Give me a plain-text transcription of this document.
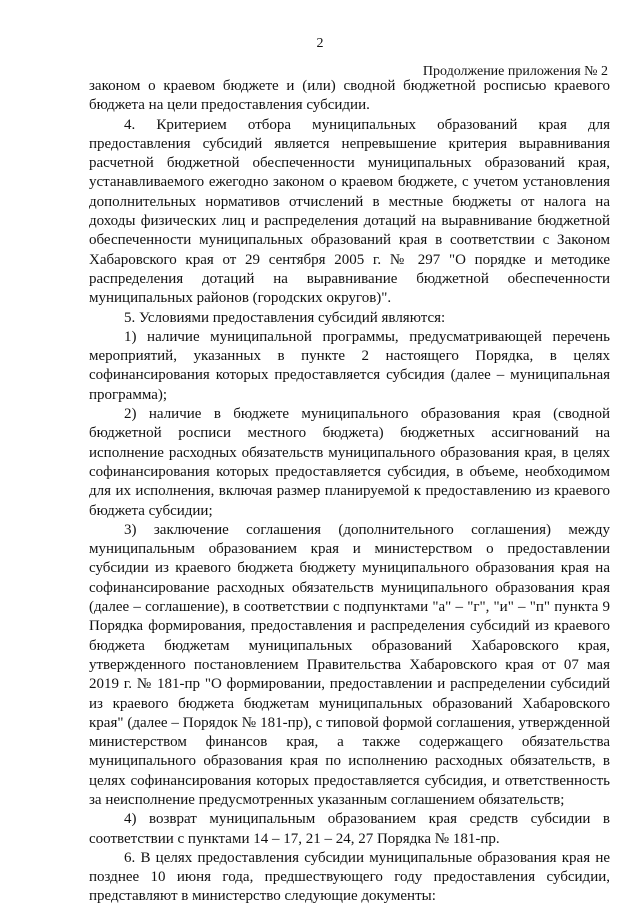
2
Продолжение приложения № 2

законом о краевом бюджете и (или) сводной бюджетной росписью краевого бюджета на цели предоставления субсидии.

4. Критерием отбора муниципальных образований края для предоставления субсидий является непревышение критерия выравнивания расчетной бюджетной обеспеченности муниципальных образований края, устанавливаемого ежегодно законом о краевом бюджете, с учетом установления дополнительных нормативов отчислений в местные бюджеты от налога на доходы физических лиц и распределения дотаций на выравнивание бюджетной обеспеченности муниципальных образований края в соответствии с Законом Хабаровского края от 29 сентября 2005 г. № 297 "О порядке и методике распределения дотаций на выравнивание бюджетной обеспеченности муниципальных районов (городских округов)".

5. Условиями предоставления субсидий являются:

1) наличие муниципальной программы, предусматривающей перечень мероприятий, указанных в пункте 2 настоящего Порядка, в целях софинансирования которых предоставляется субсидия (далее – муниципальная программа);

2) наличие в бюджете муниципального образования края (сводной бюджетной росписи местного бюджета) бюджетных ассигнований на исполнение расходных обязательств муниципального образования края, в целях софинансирования которых предоставляется субсидия, в объеме, необходимом для их исполнения, включая размер планируемой к предоставлению из краевого бюджета субсидии;

3) заключение соглашения (дополнительного соглашения) между муниципальным образованием края и министерством о предоставлении субсидии из краевого бюджета бюджету муниципального образования края на софинансирование расходных обязательств муниципального образования края (далее – соглашение), в соответствии с подпунктами "а" – "г", "и" – "п" пункта 9 Порядка формирования, предоставления и распределения субсидий из краевого бюджета бюджетам муниципальных образований Хабаровского края, утвержденного постановлением Правительства Хабаровского края от 07 мая 2019 г. № 181-пр "О формировании, предоставлении и распределении субсидий из краевого бюджета бюджетам муниципальных образований Хабаровского края" (далее – Порядок № 181-пр), с типовой формой соглашения, утвержденной министерством финансов края, а также содержащего обязательства муниципального образования края по исполнению расходных обязательств, в целях софинансирования которых предоставляется субсидия, и ответственность за неисполнение предусмотренных указанным соглашением обязательств;

4) возврат муниципальным образованием края средств субсидии в соответствии с пунктами 14 – 17, 21 – 24, 27 Порядка № 181-пр.

6. В целях предоставления субсидии муниципальные образования края не позднее 10 июня года, предшествующего году предоставления субсидии, представляют в министерство следующие документы:
